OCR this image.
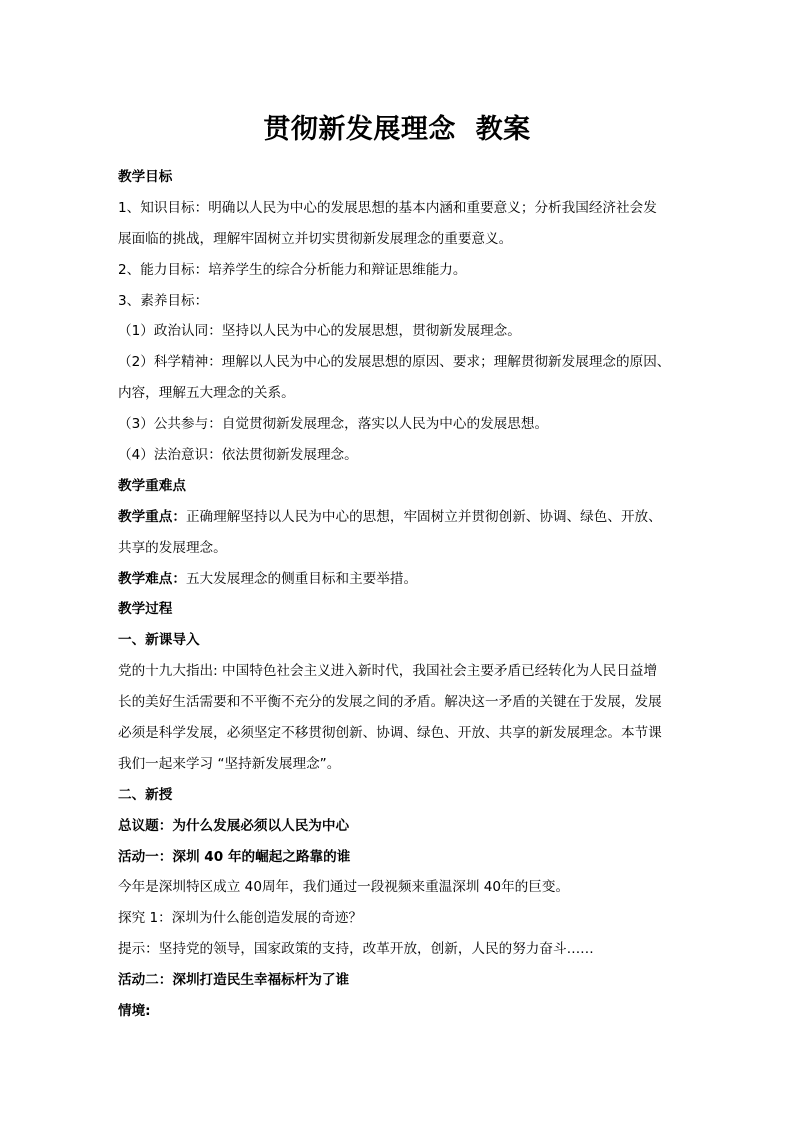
贯彻新发展理念  教案
教学目标
1、知识目标：明确以人民为中心的发展思想的基本内涵和重要意义；分析我国经济社会发
展面临的挑战，理解牢固树立并切实贯彻新发展理念的重要意义。
2、能力目标：培养学生的综合分析能力和辩证思维能力。
3、素养目标：
（1）政治认同：坚持以人民为中心的发展思想，贯彻新发展理念。
（2）科学精神：理解以人民为中心的发展思想的原因、要求；理解贯彻新发展理念的原因、
内容，理解五大理念的关系。
（3）公共参与：自觉贯彻新发展理念，落实以人民为中心的发展思想。
（4）法治意识：依法贯彻新发展理念。
教学重难点
教学重点：正确理解坚持以人民为中心的思想，牢固树立并贯彻创新、协调、绿色、开放、
共享的发展理念。
教学难点：五大发展理念的侧重目标和主要举措。
教学过程
一、新课导入
党的十九大指出: 中国特色社会主义进入新时代，我国社会主要矛盾已经转化为人民日益增
长的美好生活需要和不平衡不充分的发展之间的矛盾。解决这一矛盾的关键在于发展，发展
必须是科学发展，必须坚定不移贯彻创新、协调、绿色、开放、共享的新发展理念。本节课
我们一起来学习 “坚持新发展理念”。
二、新授
总议题：为什么发展必须以人民为中心
活动一：深圳 40 年的崛起之路靠的谁
今年是深圳特区成立 40周年，我们通过一段视频来重温深圳 40年的巨变。
探究 1：深圳为什么能创造发展的奇迹？
提示：坚持党的领导，国家政策的支持，改革开放，创新，人民的努力奋斗……
活动二：深圳打造民生幸福标杆为了谁
情境:
